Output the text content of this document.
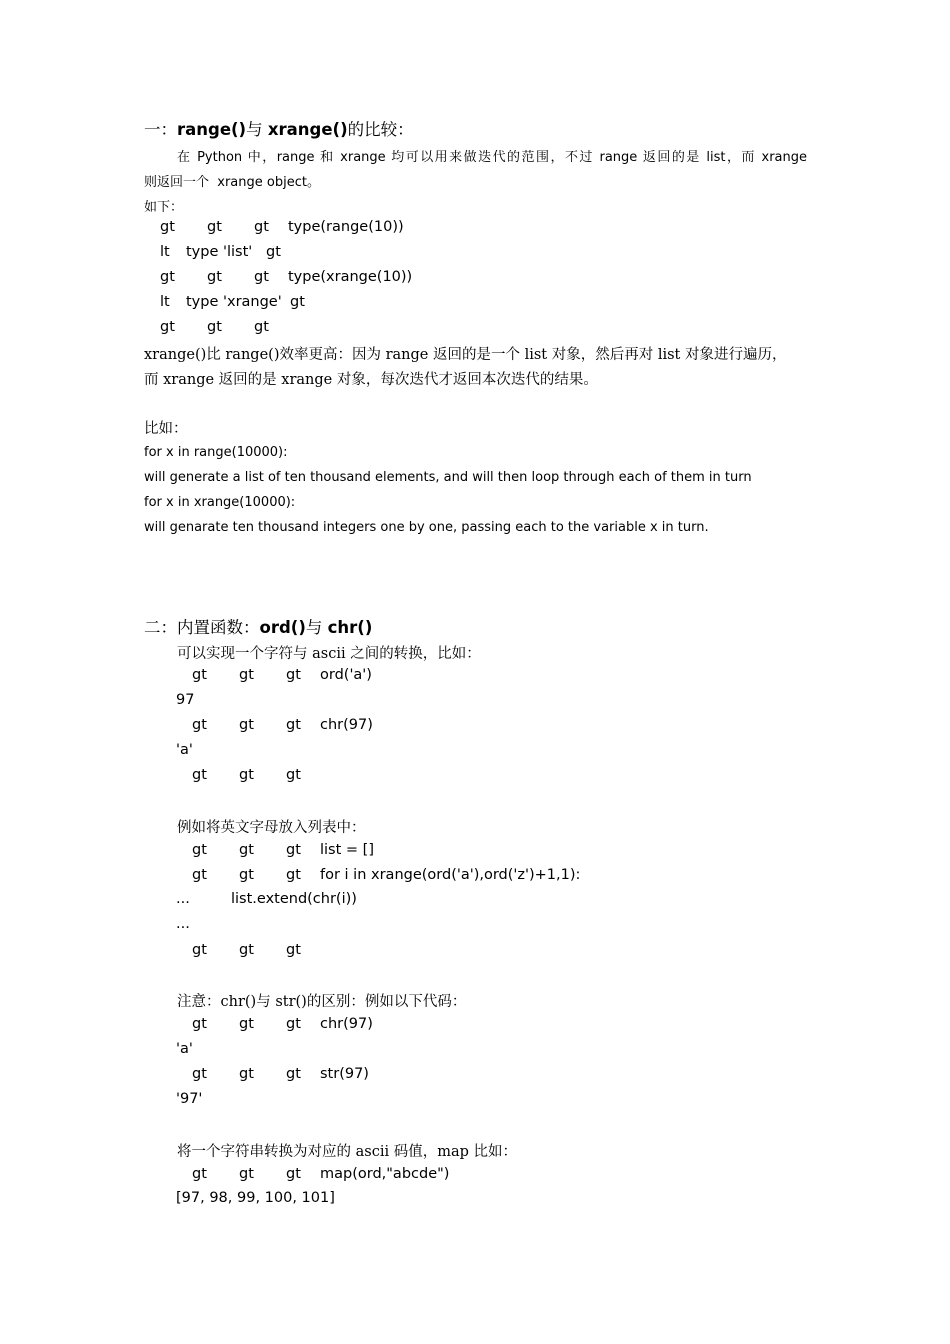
一：range()与 xrange()的比较：
在 Python 中，range 和 xrange 均可以用来做迭代的范围，不过 range 返回的是 list，而 xrange
则返回一个  xrange object。
如下：
gt gt gt type(range(10))
lt type 'list' gt
gt gt gt type(xrange(10))
lt type 'xrange' gt
gt gt gt
xrange()比 range()效率更高：因为 range 返回的是一个 list 对象，然后再对 list 对象进行遍历，
而 xrange 返回的是 xrange 对象，每次迭代才返回本次迭代的结果。
比如：
for x in range(10000):
will generate a list of ten thousand elements, and will then loop through each of them in turn
for x in xrange(10000):
will genarate ten thousand integers one by one, passing each to the variable x in turn.
二：内置函数：ord()与 chr()
可以实现一个字符与 ascii 之间的转换，比如：
gt gt gt ord('a')
97
gt gt gt chr(97)
'a'
gt gt gt
例如将英文字母放入列表中：
gt gt gt list = []
gt gt gt for i in xrange(ord('a'),ord('z')+1,1):
...	list.extend(chr(i))
...
gt gt gt
注意：chr()与 str()的区别：例如以下代码：
gt gt gt chr(97)
'a'
gt gt gt str(97)
'97'
将一个字符串转换为对应的 ascii 码值，map 比如：
gt gt gt map(ord,"abcde")
[97, 98, 99, 100, 101]
